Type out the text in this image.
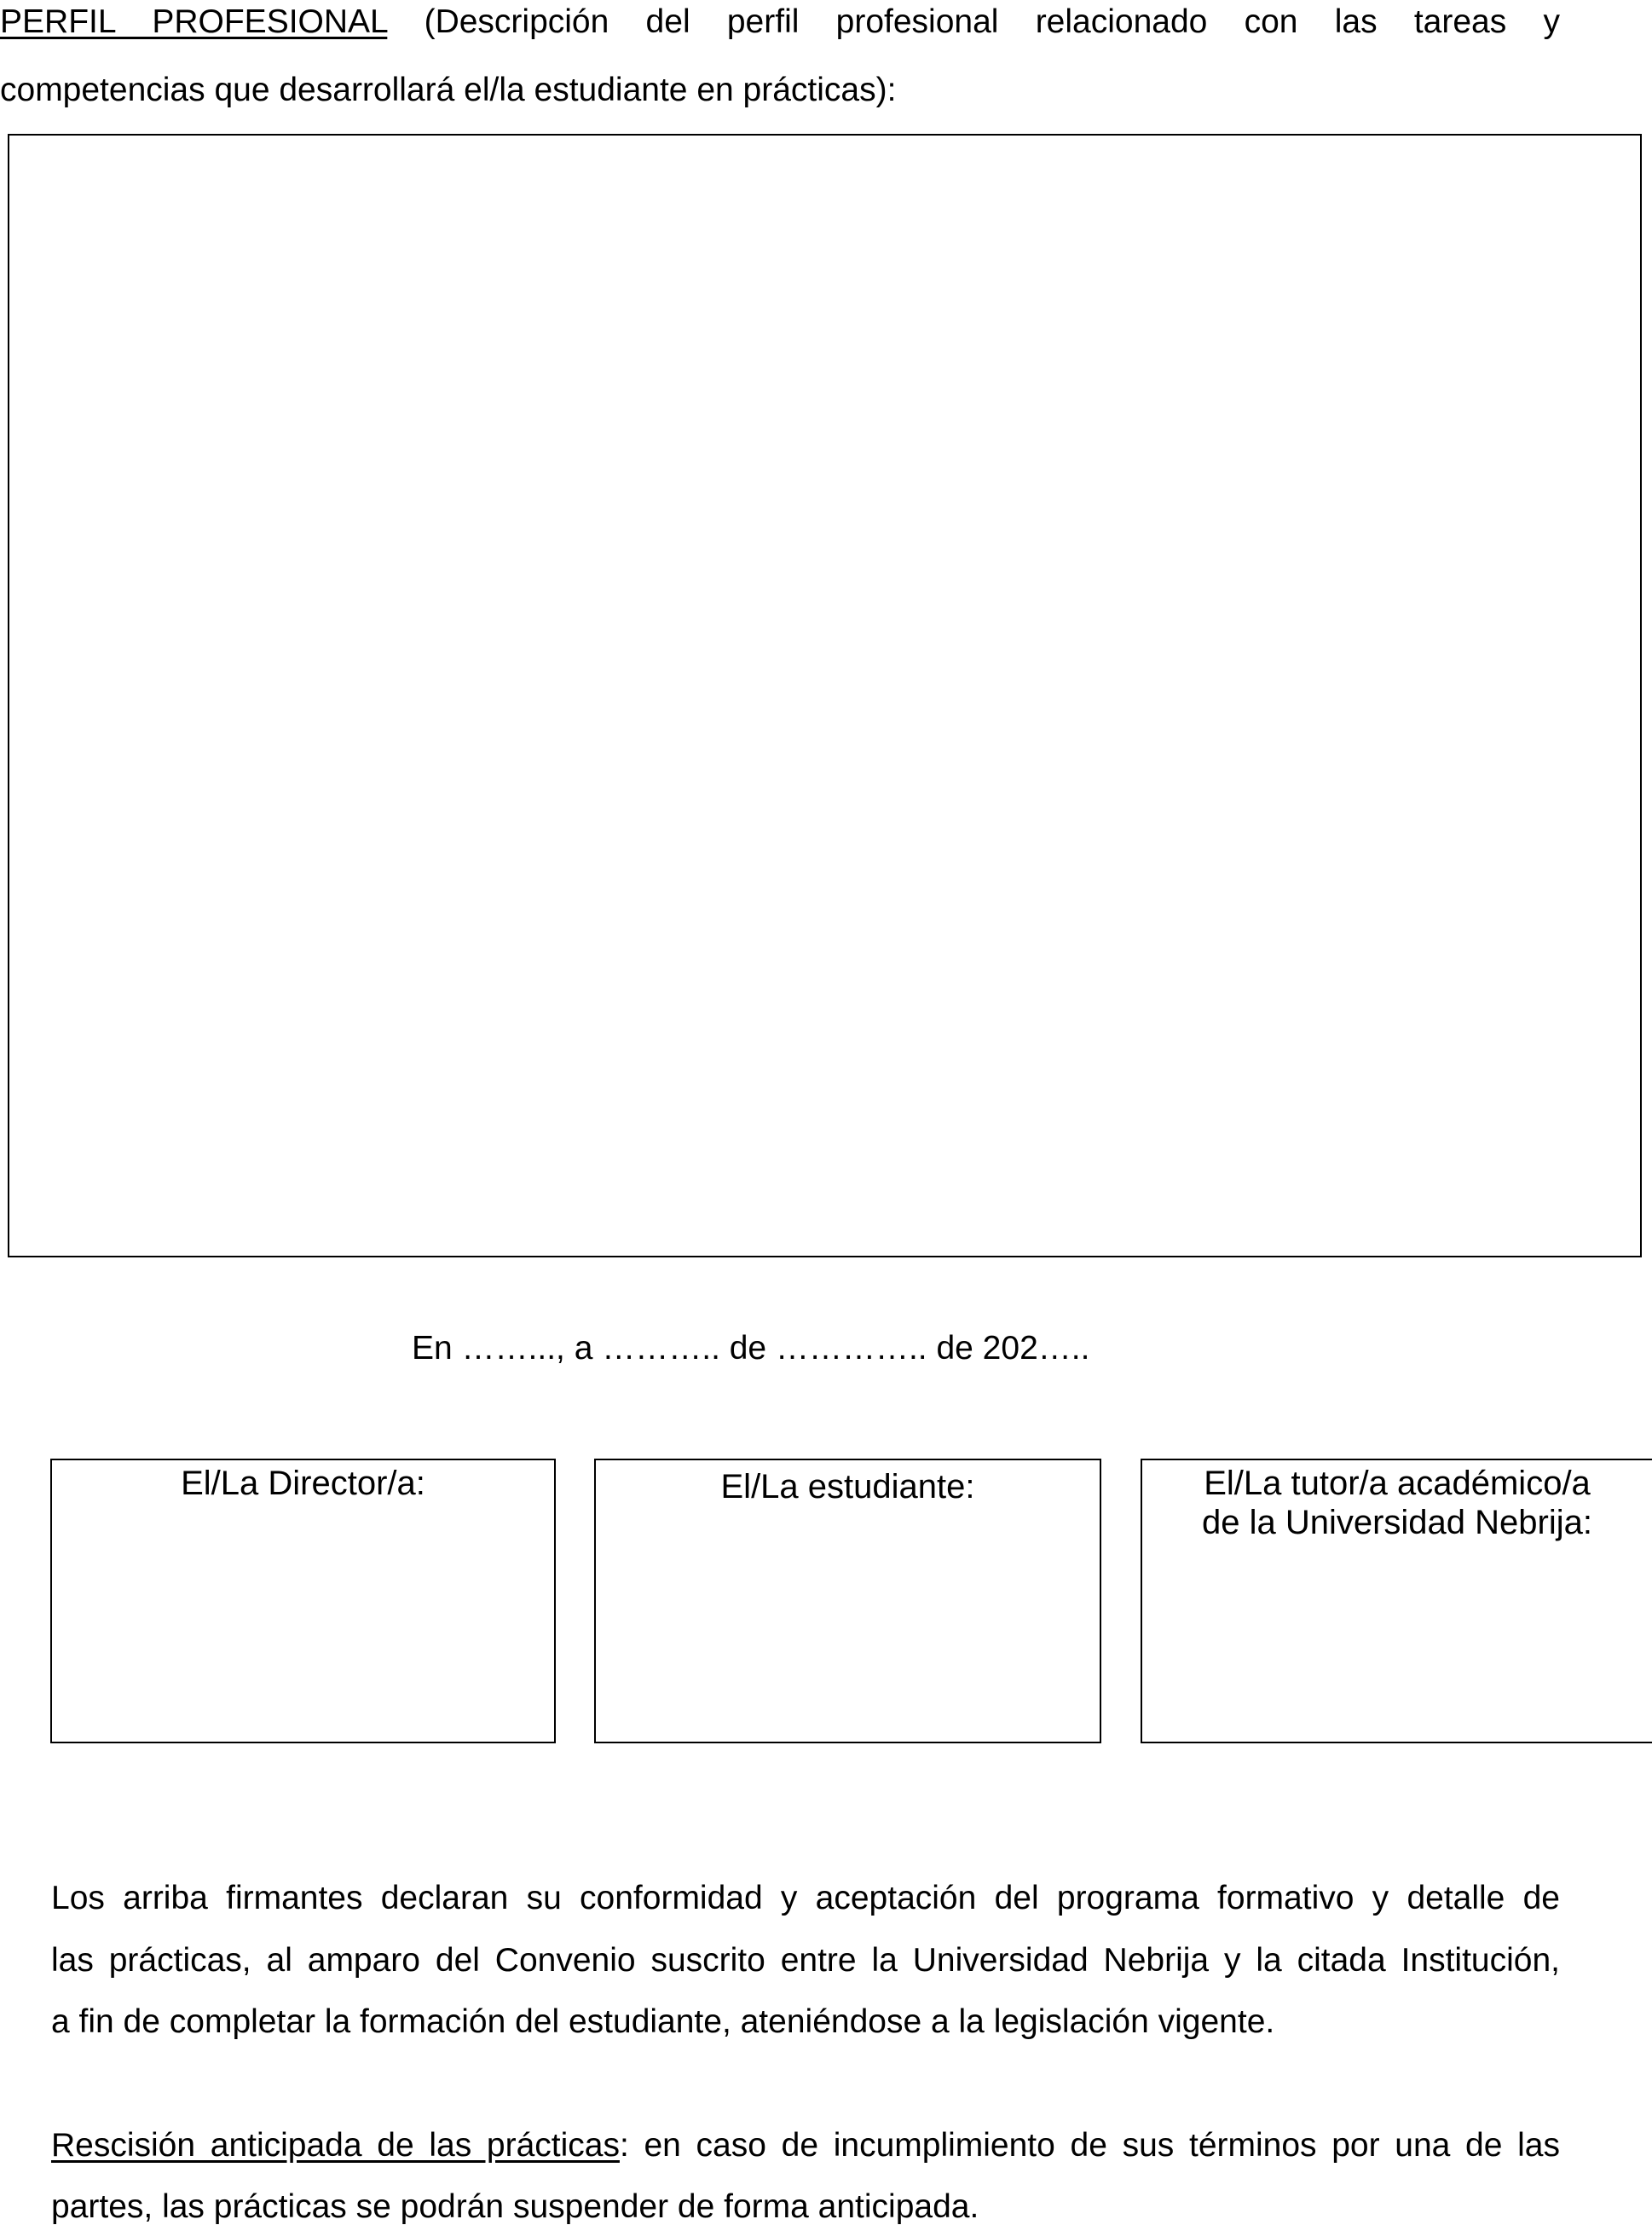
PERFIL PROFESIONAL (Descripción del perfil profesional relacionado con las tareas y
competencias que desarrollará el/la estudiante en prácticas):
En ……..., a ……….. de ………….. de 202…..
El/La Director/a:	El/La estudiante:	El/La tutor/a académico/a
de la Universidad Nebrija:
Los arriba firmantes declaran su conformidad y aceptación del programa formativo y detalle de
las prácticas, al amparo del Convenio suscrito entre la Universidad Nebrija y la citada Institución,
a fin de completar la formación del estudiante, ateniéndose a la legislación vigente.
Rescisión anticipada de las prácticas: en caso de incumplimiento de sus términos por una de las
partes, las prácticas se podrán suspender de forma anticipada.
